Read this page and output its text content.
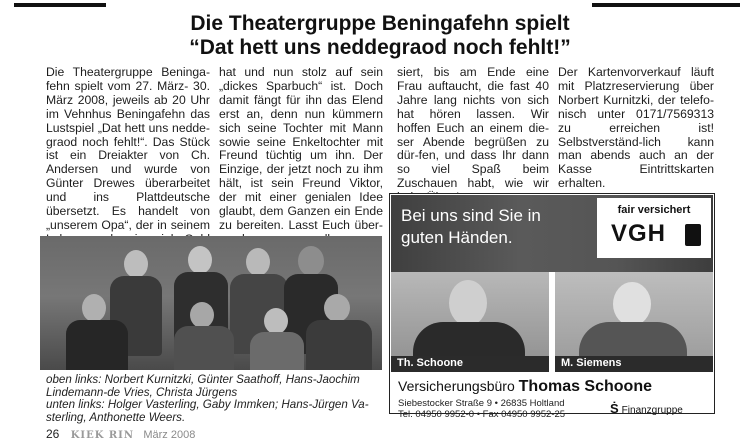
Die Theatergruppe Beningafehn spielt
“Dat hett uns neddegraod noch fehlt!”

Die Theatergruppe Beninga-fehn spielt vom 27. März- 30. März 2008, jeweils ab 20 Uhr im Vehnhus Beningafehn das Lustspiel „Dat hett uns nedde-graod noch fehlt!“. Das Stück ist ein Dreiakter von Ch. Andersen und wurde von Günter Drewes überarbeitet und ins Plattdeutsche übersetzt. Es handelt von „unserem Opa“, der in seinem

hat und nun stolz auf sein „dickes Sparbuch“ ist. Doch damit fängt für ihn das Elend erst an, denn nun kümmern sich seine Tochter mit Mann sowie seine Enkeltochter mit Freund tüchtig um ihn. Der Einzige, der jetzt noch zu ihm hält, ist sein Freund Viktor, der mit einer genialen Idee glaubt, dem Ganzen ein Ende zu bereiten. Lasst Euch über-

siert, bis am Ende eine Frau auftaucht, die fast 40 Jahre lang nichts von sich hat hören lassen. Wir hoffen Euch an einem die-ser Abende begrüßen zu dür-fen, und dass Ihr dann so viel Spaß beim Zuschauen habt, wie wir

Der Kartenvorverkauf läuft mit Platzreservierung über Norbert Kurnitzki, der telefo-nisch unter 0171/7569313 zu erreichen ist! Selbstverständ-lich kann man abends auch an der Kasse Eintrittskarten erhalten.

oben links: Norbert Kurnitzki, Günter Saathoff, Hans-Jaochim
Lindemann-de Vries, Christa Jürgens
unten links: Holger Vasterling, Gaby Immken; Hans-Jürgen Va-
sterling, Anthonette Weers.
26 KIEK RIN März 2008
Bei uns sind Sie in
guten Händen.
fair versichert
VGH
Th. Schoone	M. Siemens
Versicherungsbüro Thomas Schoone
Siebestocker Straße 9 • 26835 Holtland
Tel. 04950 9952-0 • Fax 04950 9952-25	Ṡ Finanzgruppe
